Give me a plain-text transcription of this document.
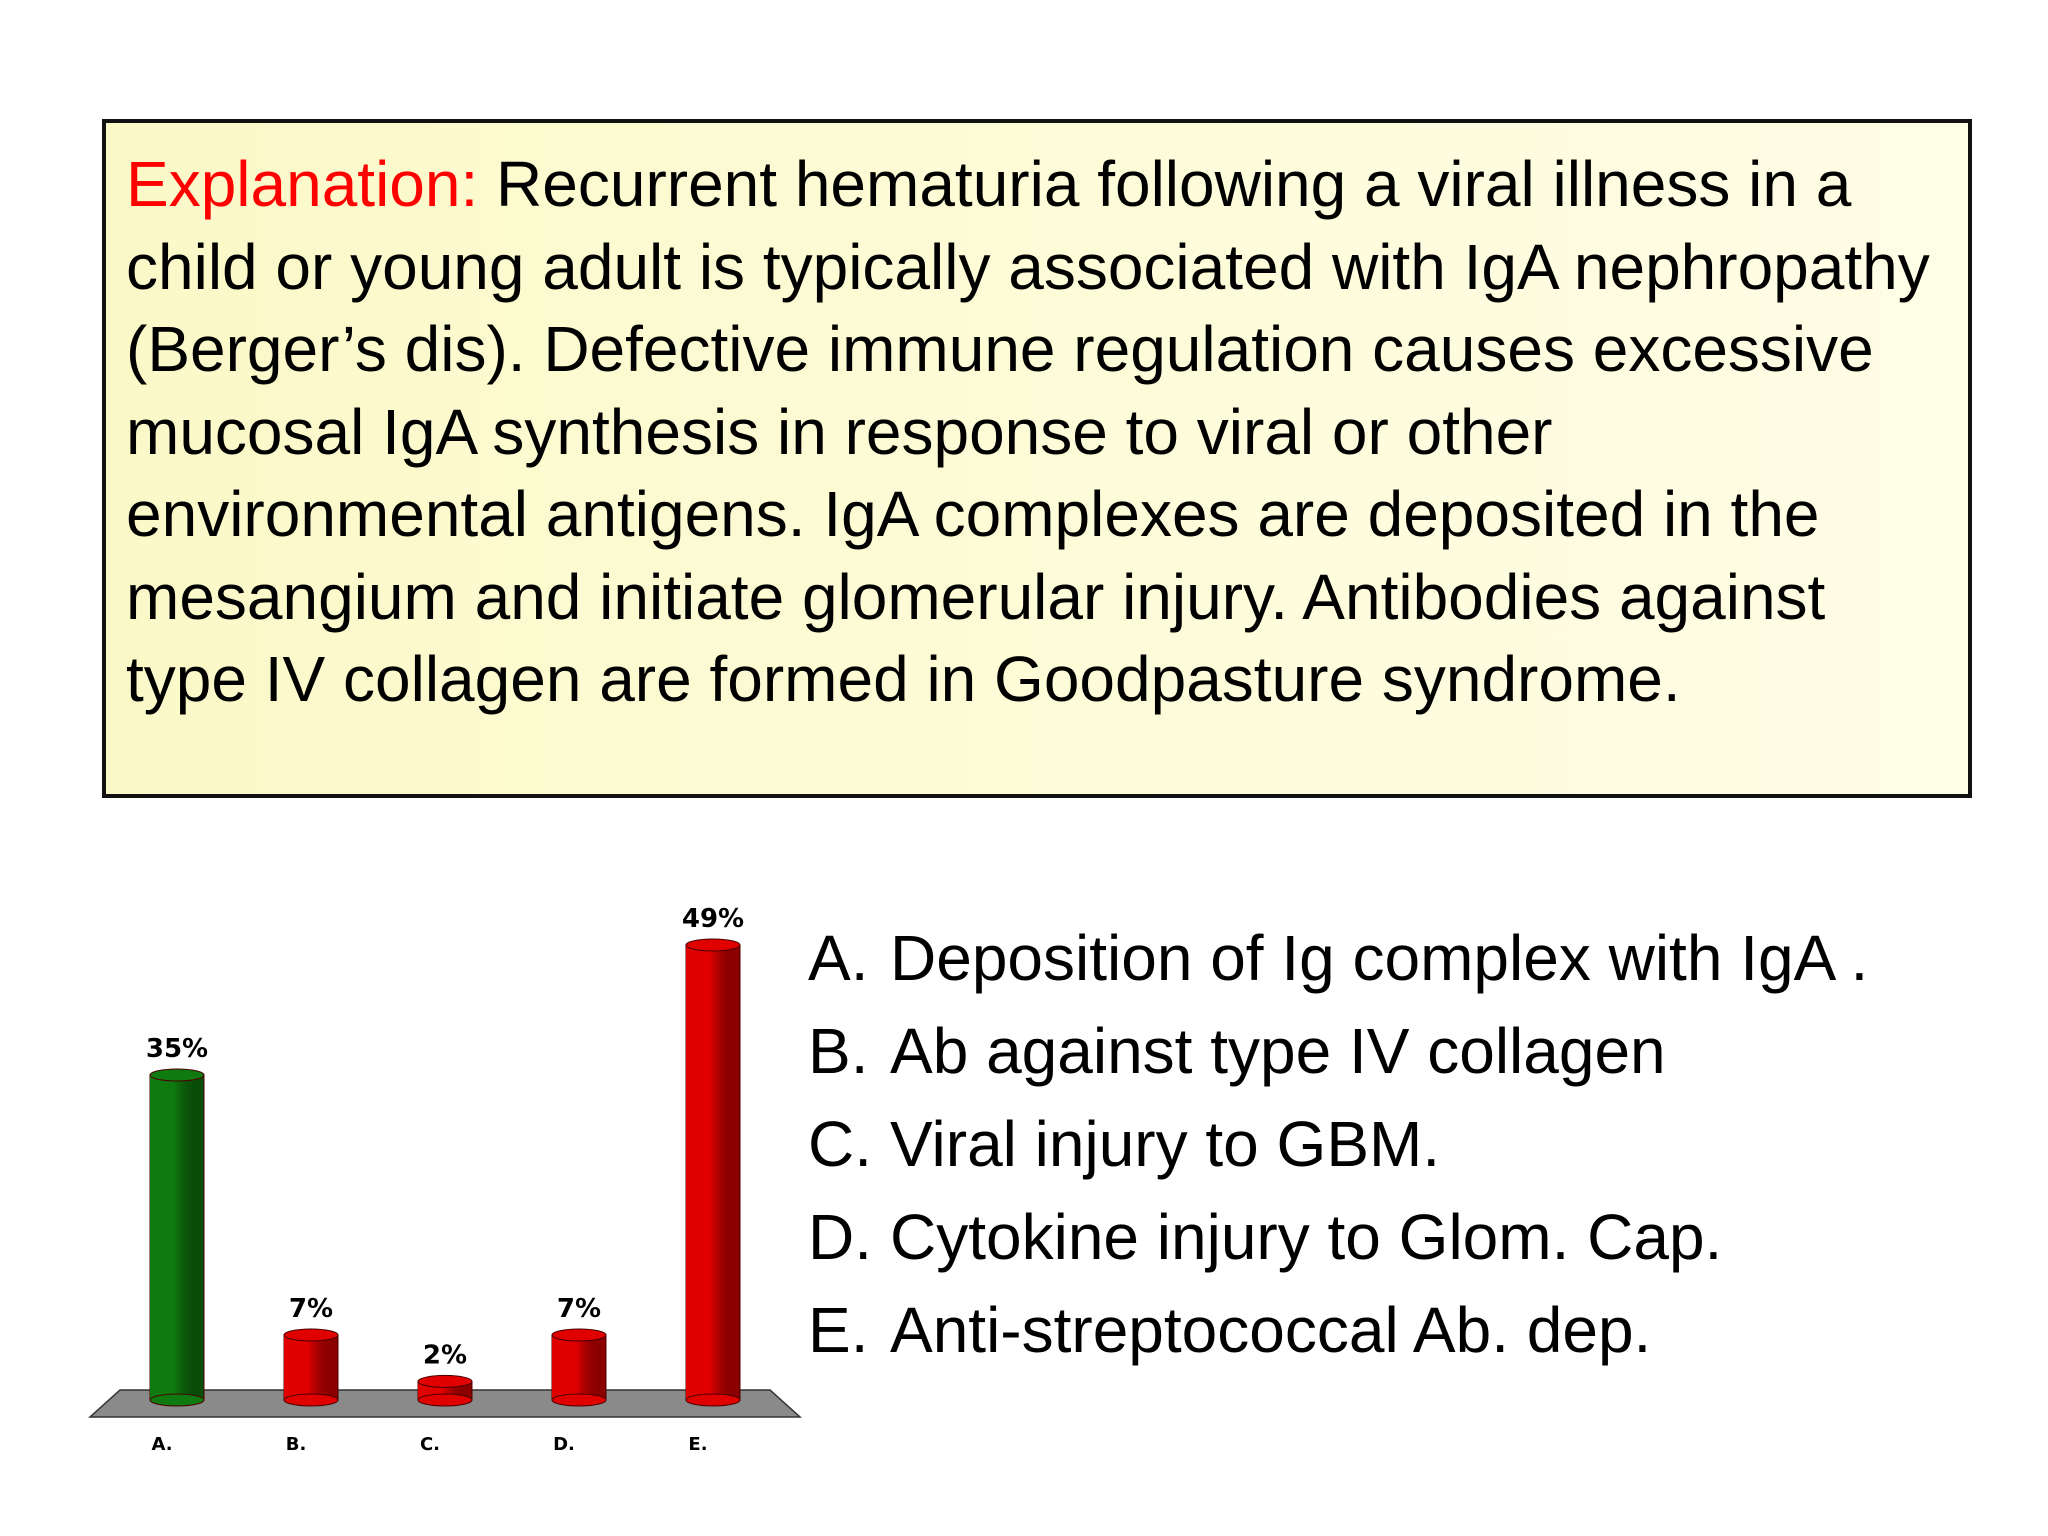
Explanation: Recurrent hematuria following a viral illness in a child or young adult is typically associated with IgA nephropathy (Berger’s dis). Defective immune regulation causes excessive mucosal IgA synthesis in response to viral or other environmental antigens. IgA complexes are deposited in the mesangium and initiate glomerular injury. Antibodies against type IV collagen are formed in Goodpasture syndrome.
35%
A.
7%
B.
2%
C.
7%
D.
49%
E.
A. Deposition of Ig complex with IgA .
B. Ab against type IV collagen
C. Viral injury to GBM.
D. Cytokine injury to Glom. Cap.
E. Anti-streptococcal Ab. dep.
